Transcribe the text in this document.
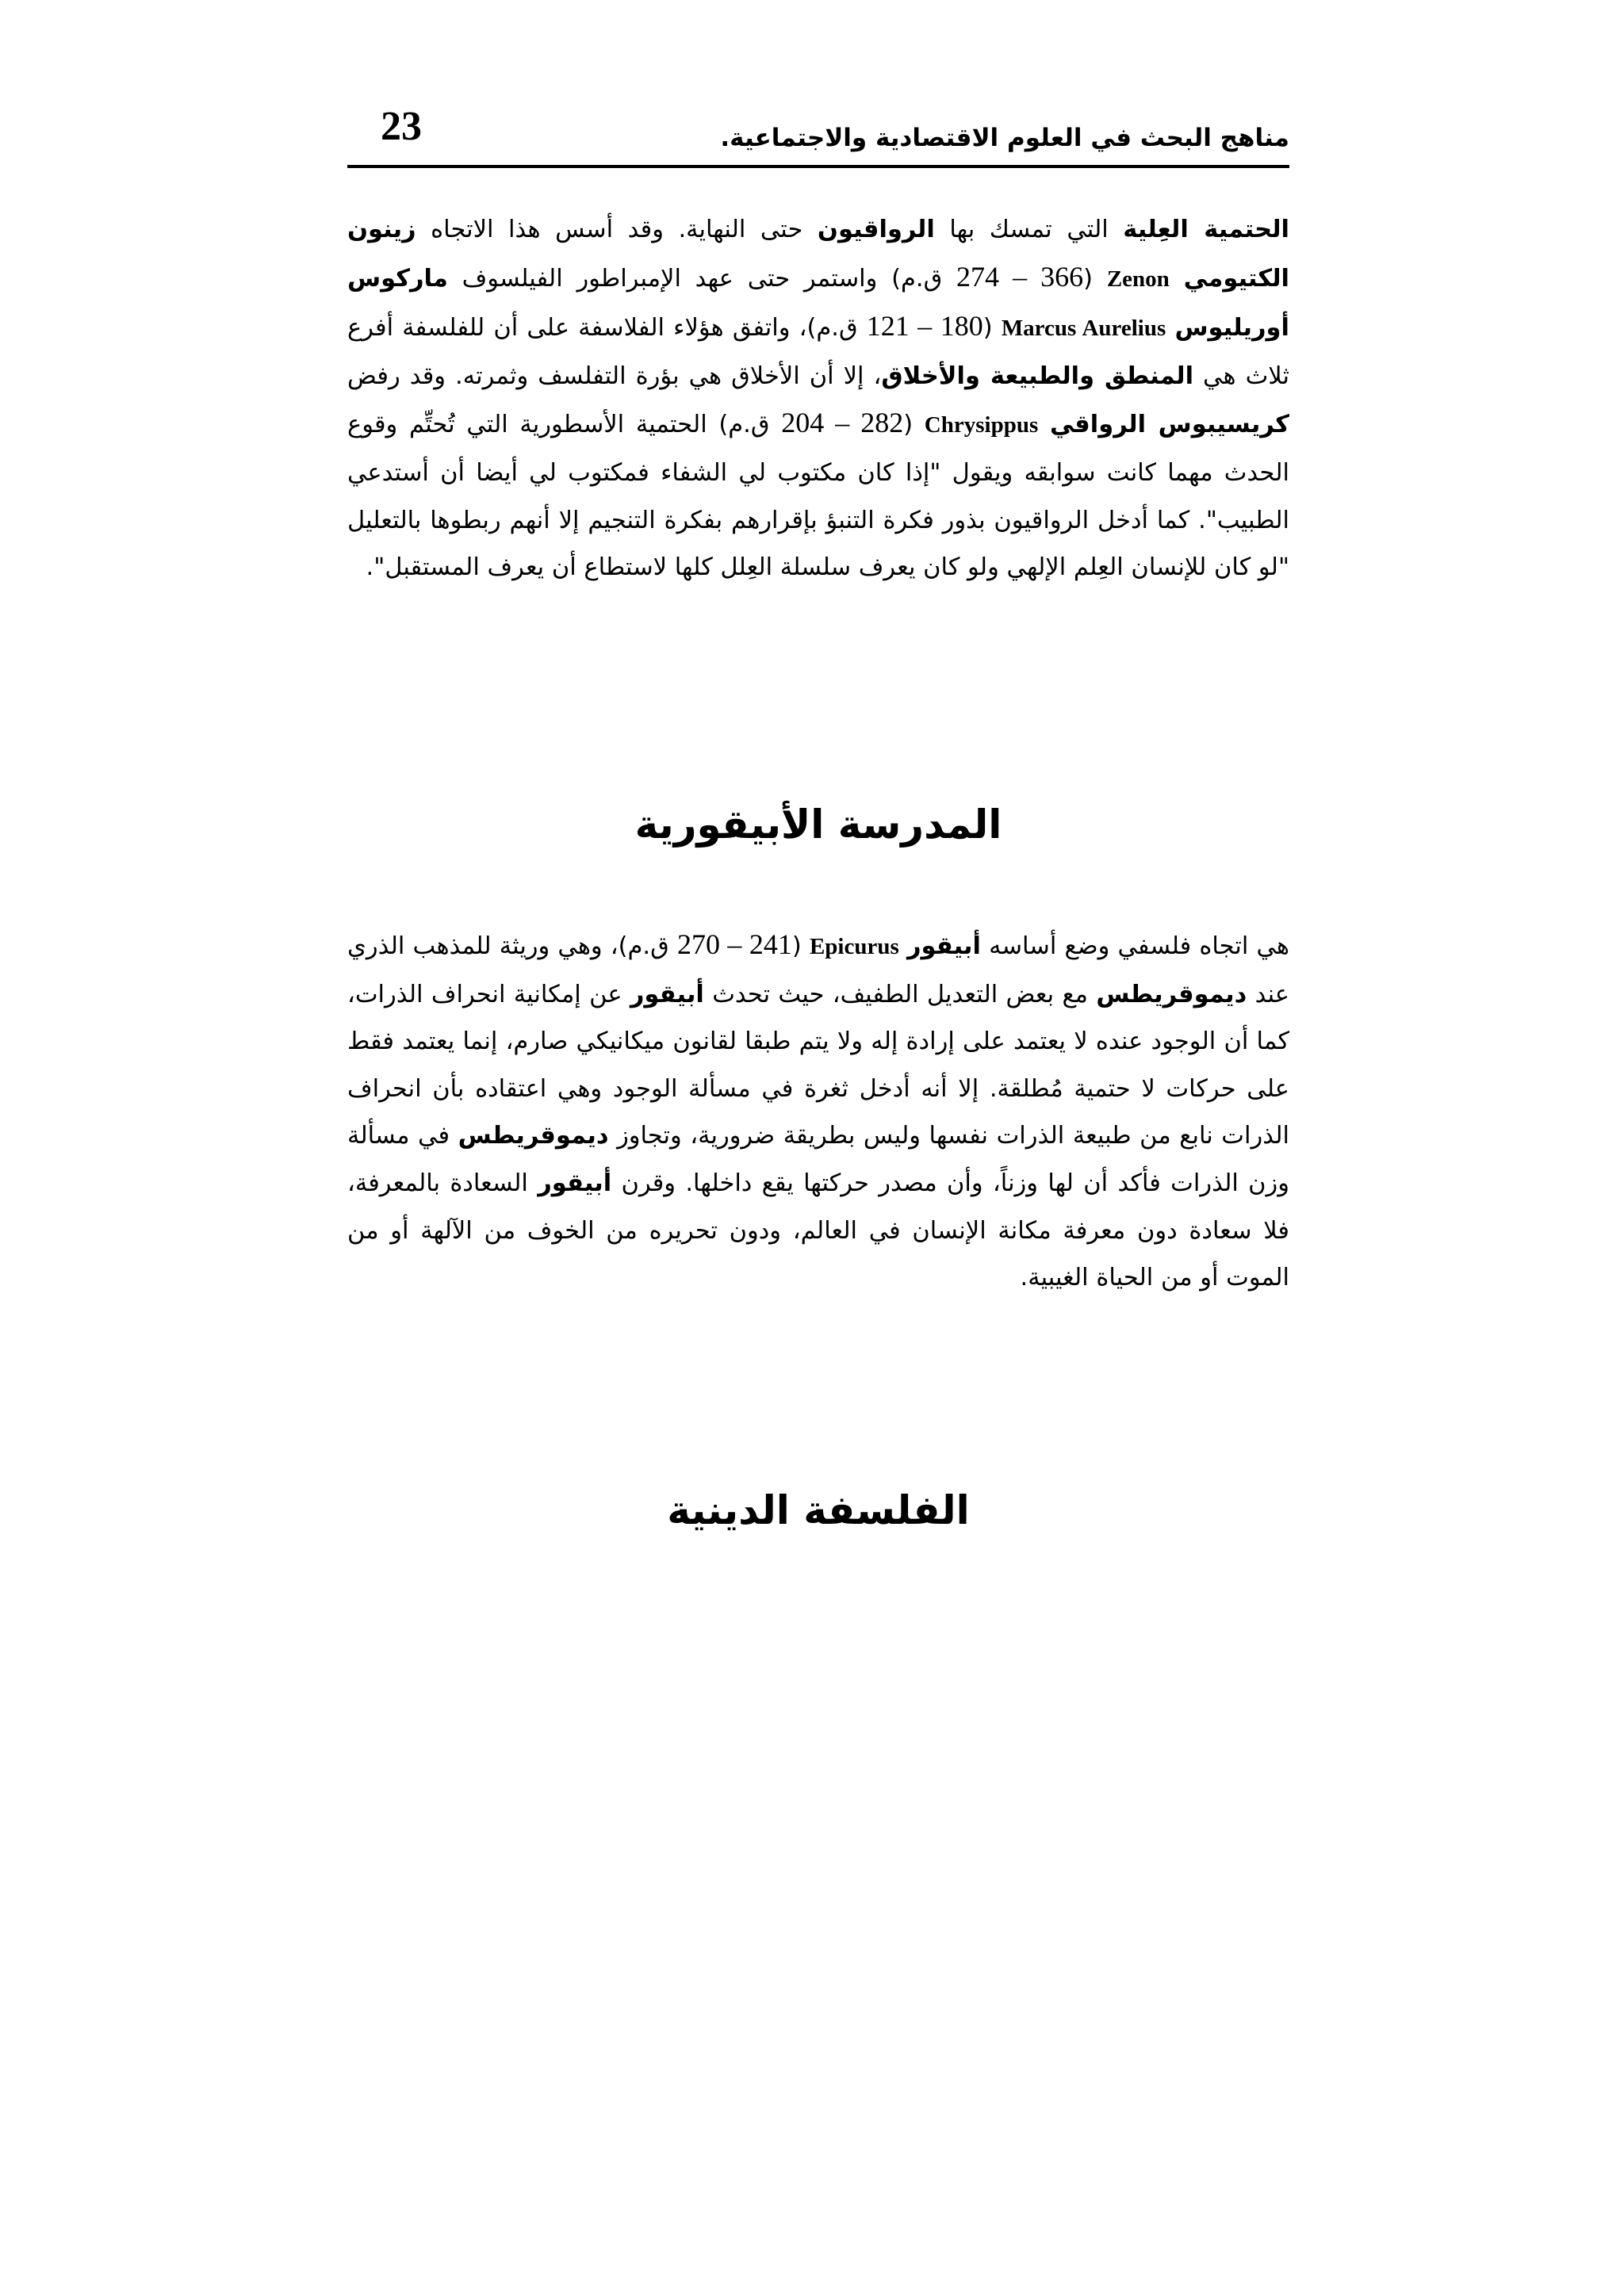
مناهج البحث في العلوم الاقتصادية والاجتماعية.
23

الحتمية العِلية التي تمسك بها الرواقيون حتى النهاية. وقد أسس هذا الاتجاه زينون الكتيومي Zenon (366 – 274 ق.م) واستمر حتى عهد الإمبراطور الفيلسوف ماركوس أوريليوس Marcus Aurelius (180 – 121 ق.م)، واتفق هؤلاء الفلاسفة على أن للفلسفة أفرع ثلاث هي المنطق والطبيعة والأخلاق، إلا أن الأخلاق هي بؤرة التفلسف وثمرته. وقد رفض كريسيبوس الرواقي Chrysippus (282 – 204 ق.م) الحتمية الأسطورية التي تُحتِّم وقوع الحدث مهما كانت سوابقه ويقول "إذا كان مكتوب لي الشفاء فمكتوب لي أيضا أن أستدعي الطبيب". كما أدخل الرواقيون بذور فكرة التنبؤ بإقرارهم بفكرة التنجيم إلا أنهم ربطوها بالتعليل "لو كان للإنسان العِلم الإلهي ولو كان يعرف سلسلة العِلل كلها لاستطاع أن يعرف المستقبل".

المدرسة الأبيقورية

هي اتجاه فلسفي وضع أساسه أبيقور Epicurus (241 – 270 ق.م)، وهي وريثة للمذهب الذري عند ديموقريطس مع بعض التعديل الطفيف، حيث تحدث أبيقور عن إمكانية انحراف الذرات، كما أن الوجود عنده لا يعتمد على إرادة إله ولا يتم طبقا لقانون ميكانيكي صارم، إنما يعتمد فقط على حركات لا حتمية مُطلقة. إلا أنه أدخل ثغرة في مسألة الوجود وهي اعتقاده بأن انحراف الذرات نابع من طبيعة الذرات نفسها وليس بطريقة ضرورية، وتجاوز ديموقريطس في مسألة وزن الذرات فأكد أن لها وزناً، وأن مصدر حركتها يقع داخلها. وقرن أبيقور السعادة بالمعرفة، فلا سعادة دون معرفة مكانة الإنسان في العالم، ودون تحريره من الخوف من الآلهة أو من الموت أو من الحياة الغيبية.

الفلسفة الدينية
